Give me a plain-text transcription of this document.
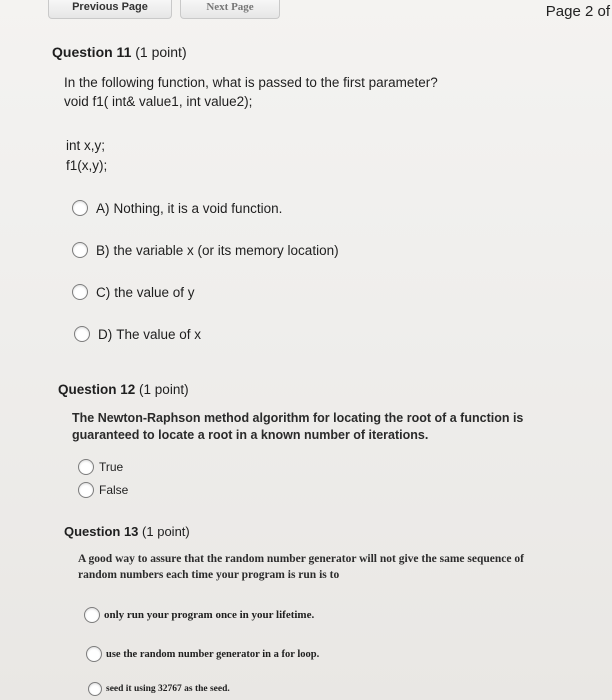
Previous Page	Next Page	Page 2 of
Question 11 (1 point)
In the following function, what is passed to the first parameter?
void f1( int& value1, int value2);
int x,y;
f1(x,y);
A) Nothing, it is a void function.
B) the variable x (or its memory location)
C) the value of y
D) The value of x
Question 12 (1 point)
The Newton-Raphson method algorithm for locating the root of a function is
guaranteed to locate a root in a known number of iterations.
True
False
Question 13 (1 point)
A good way to assure that the random number generator will not give the same sequence of
random numbers each time your program is run is to
only run your program once in your lifetime.
use the random number generator in a for loop.
seed it using 32767 as the seed.
